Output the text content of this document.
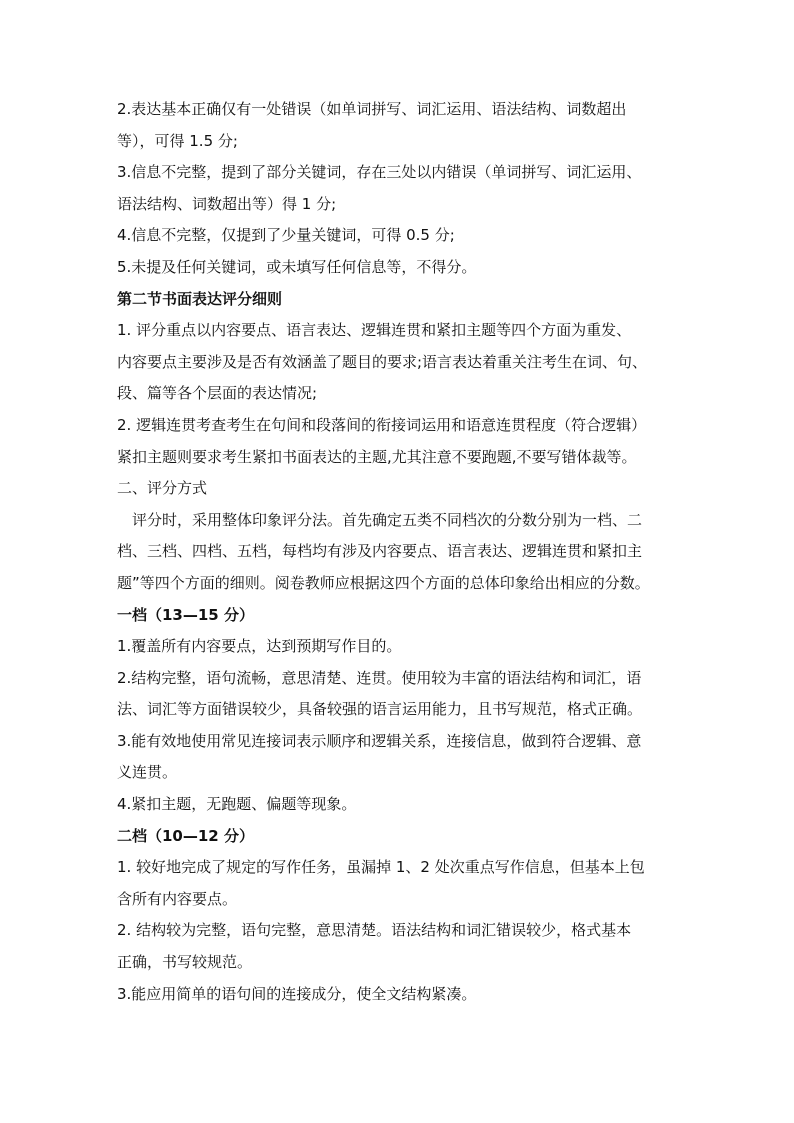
2.表达基本正确仅有一处错误（如单词拼写、词汇运用、语法结构、词数超出

等），可得 1.5 分;

3.信息不完整，提到了部分关键词，存在三处以内错误（单词拼写、词汇运用、

语法结构、词数超出等）得 1 分;

4.信息不完整，仅提到了少量关键词，可得 0.5 分;

5.未提及任何关键词，或未填写任何信息等，不得分。

第二节书面表达评分细则

1. 评分重点以内容要点、语言表达、逻辑连贯和紧扣主题等四个方面为重发、

内容要点主要涉及是否有效涵盖了题目的要求;语言表达着重关注考生在词、句、

段、篇等各个层面的表达情况;

2. 逻辑连贯考查考生在句间和段落间的衔接词运用和语意连贯程度（符合逻辑）

紧扣主题则要求考生紧扣书面表达的主题,尤其注意不要跑题,不要写错体裁等。

二、评分方式

评分时，采用整体印象评分法。首先确定五类不同档次的分数分别为一档、二

档、三档、四档、五档，每档均有涉及内容要点、语言表达、逻辑连贯和紧扣主

题”等四个方面的细则。阅卷教师应根据这四个方面的总体印象给出相应的分数。

一档（13—15 分）

1.覆盖所有内容要点，达到预期写作目的。

2.结构完整，语句流畅，意思清楚、连贯。使用较为丰富的语法结构和词汇，语

法、词汇等方面错误较少，具备较强的语言运用能力，且书写规范，格式正确。

3.能有效地使用常见连接词表示顺序和逻辑关系，连接信息，做到符合逻辑、意

义连贯。

4.紧扣主题，无跑题、偏题等现象。

二档（10—12 分）

1. 较好地完成了规定的写作任务，虽漏掉 1、2 处次重点写作信息，但基本上包

含所有内容要点。

2. 结构较为完整，语句完整，意思清楚。语法结构和词汇错误较少，格式基本

正确，书写较规范。

3.能应用简单的语句间的连接成分，使全文结构紧凑。
